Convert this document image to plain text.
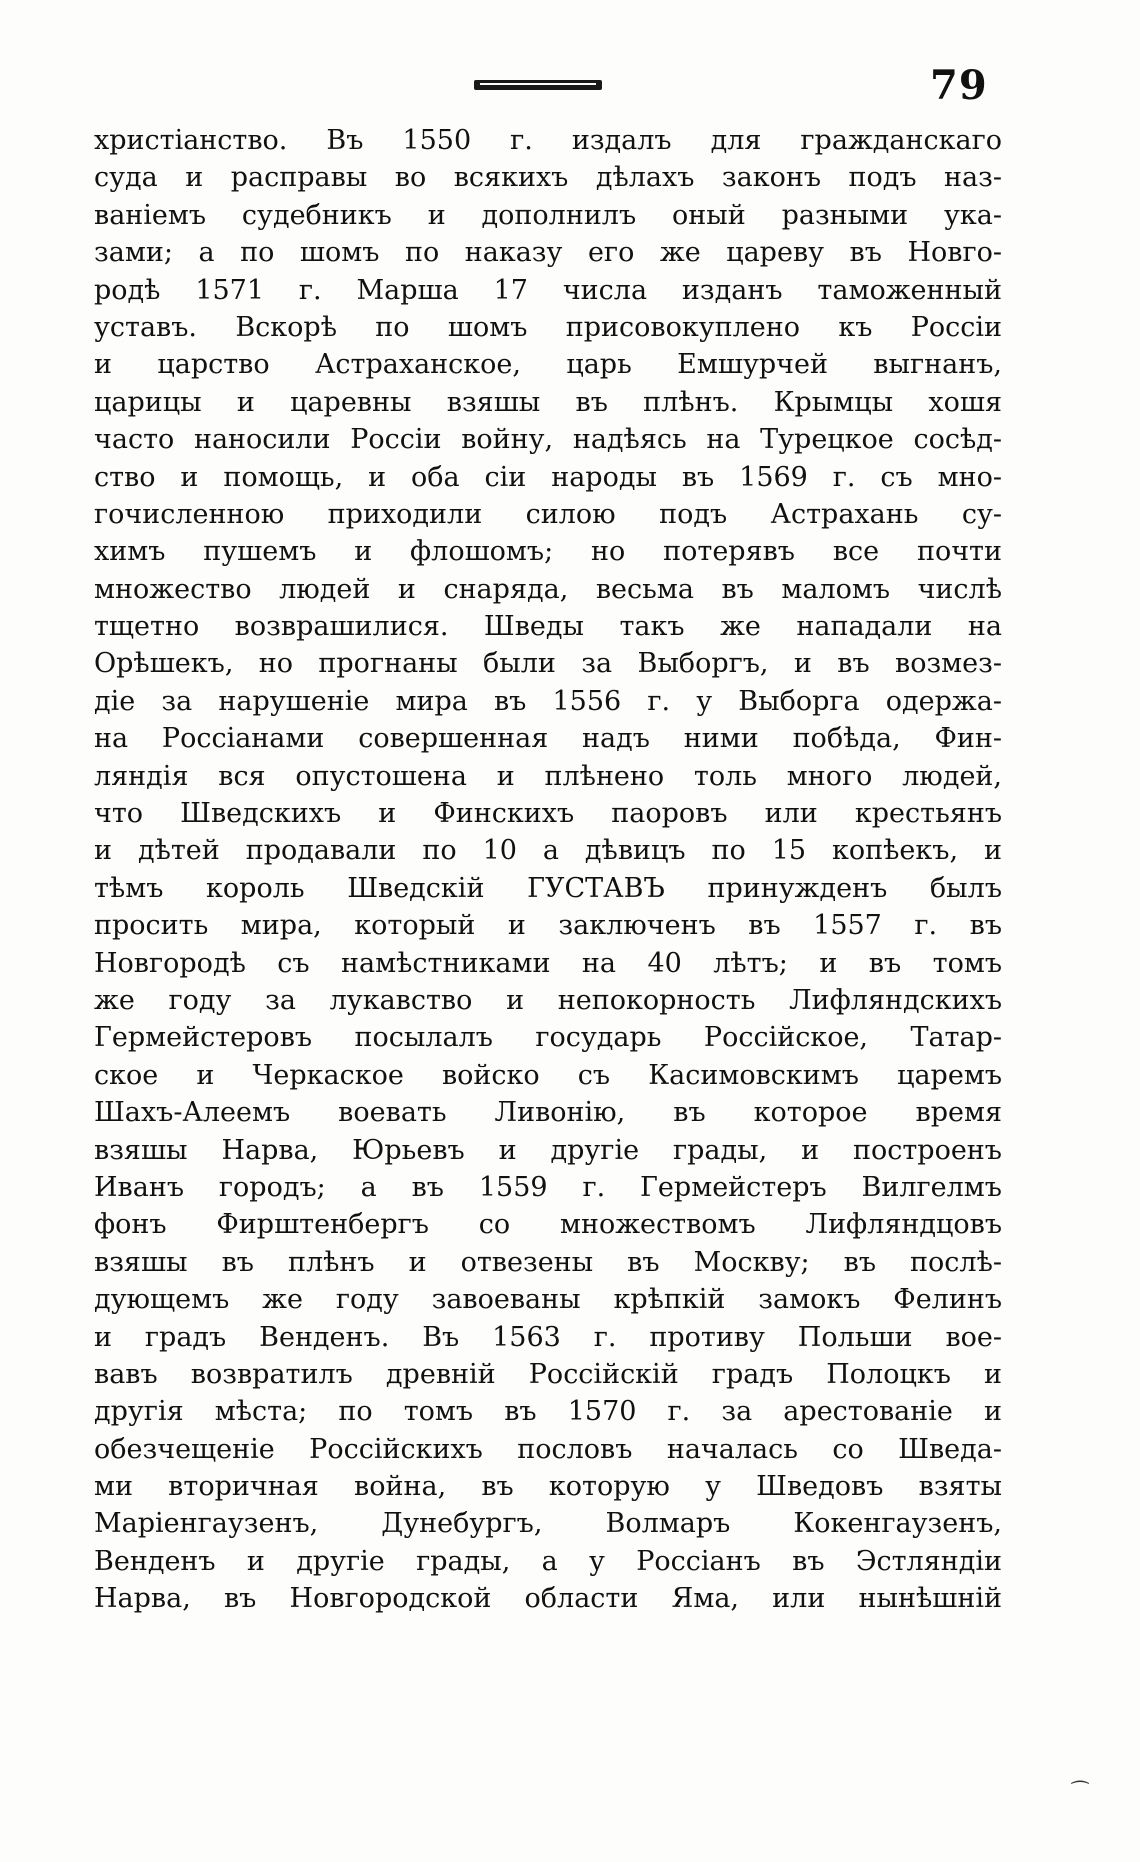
79
христіанство. Въ 1550 г. издалъ для гражданскаго
суда и расправы во всякихъ дѣлахъ законъ подъ наз-
ваніемъ судебникъ и дополнилъ оный разными ука-
зами; а по шомъ по наказу его же цареву въ Новго-
родѣ 1571 г. Марша 17 числа изданъ таможенный
уставъ. Вскорѣ по шомъ присовокуплено къ Россіи
и царство Астраханское, царь Емшурчей выгнанъ,
царицы и царевны взяшы въ плѣнъ. Крымцы хошя
часто наносили Россіи войну, надѣясь на Турецкое сосѣд-
ство и помощь, и оба сіи народы въ 1569 г. съ мно-
гочисленною приходили силою подъ Астрахань су-
химъ пушемъ и флошомъ; но потерявъ все почти
множество людей и снаряда, весьма въ маломъ числѣ
тщетно возврашилися. Шведы такъ же нападали на
Орѣшекъ, но прогнаны были за Выборгъ, и въ возмез-
діе за нарушеніе мира въ 1556 г. у Выборга одержа-
на Россіанами совершенная надъ ними побѣда, Фин-
ляндія вся опустошена и плѣнено толь много людей,
что Шведскихъ и Финскихъ паоровъ или крестьянъ
и дѣтей продавали по 10 а дѣвицъ по 15 копѣекъ, и
тѣмъ король Шведскій ГУСТАВЪ принужденъ былъ
просить мира, который и заключенъ въ 1557 г. въ
Новгородѣ съ намѣстниками на 40 лѣтъ; и въ томъ
же году за лукавство и непокорность Лифляндскихъ
Гермейстеровъ посылалъ государь Россійское, Татар-
ское и Черкаское войско съ Касимовскимъ царемъ
Шахъ-Алеемъ воевать Ливонію, въ которое время
взяшы Нарва, Юрьевъ и другіе грады, и построенъ
Иванъ городъ; а въ 1559 г. Гермейстеръ Вилгелмъ
фонъ Фирштенбергъ со множествомъ Лифляндцовъ
взяшы въ плѣнъ и отвезены въ Москву; въ послѣ-
дующемъ же году завоеваны крѣпкій замокъ Фелинъ
и градъ Венденъ. Въ 1563 г. противу Польши вое-
вавъ возвратилъ древній Россійскій градъ Полоцкъ и
другія мѣста; по томъ въ 1570 г. за арестованіе и
обезчещеніе Россійскихъ пословъ началась со Шведа-
ми вторичная война, въ которую у Шведовъ взяты
Маріенгаузенъ, Дунебургъ, Волмаръ Кокенгаузенъ,
Венденъ и другіе грады, а у Россіанъ въ Эстляндіи
Нарва, въ Новгородской области Яма, или нынѣшній
⁀
